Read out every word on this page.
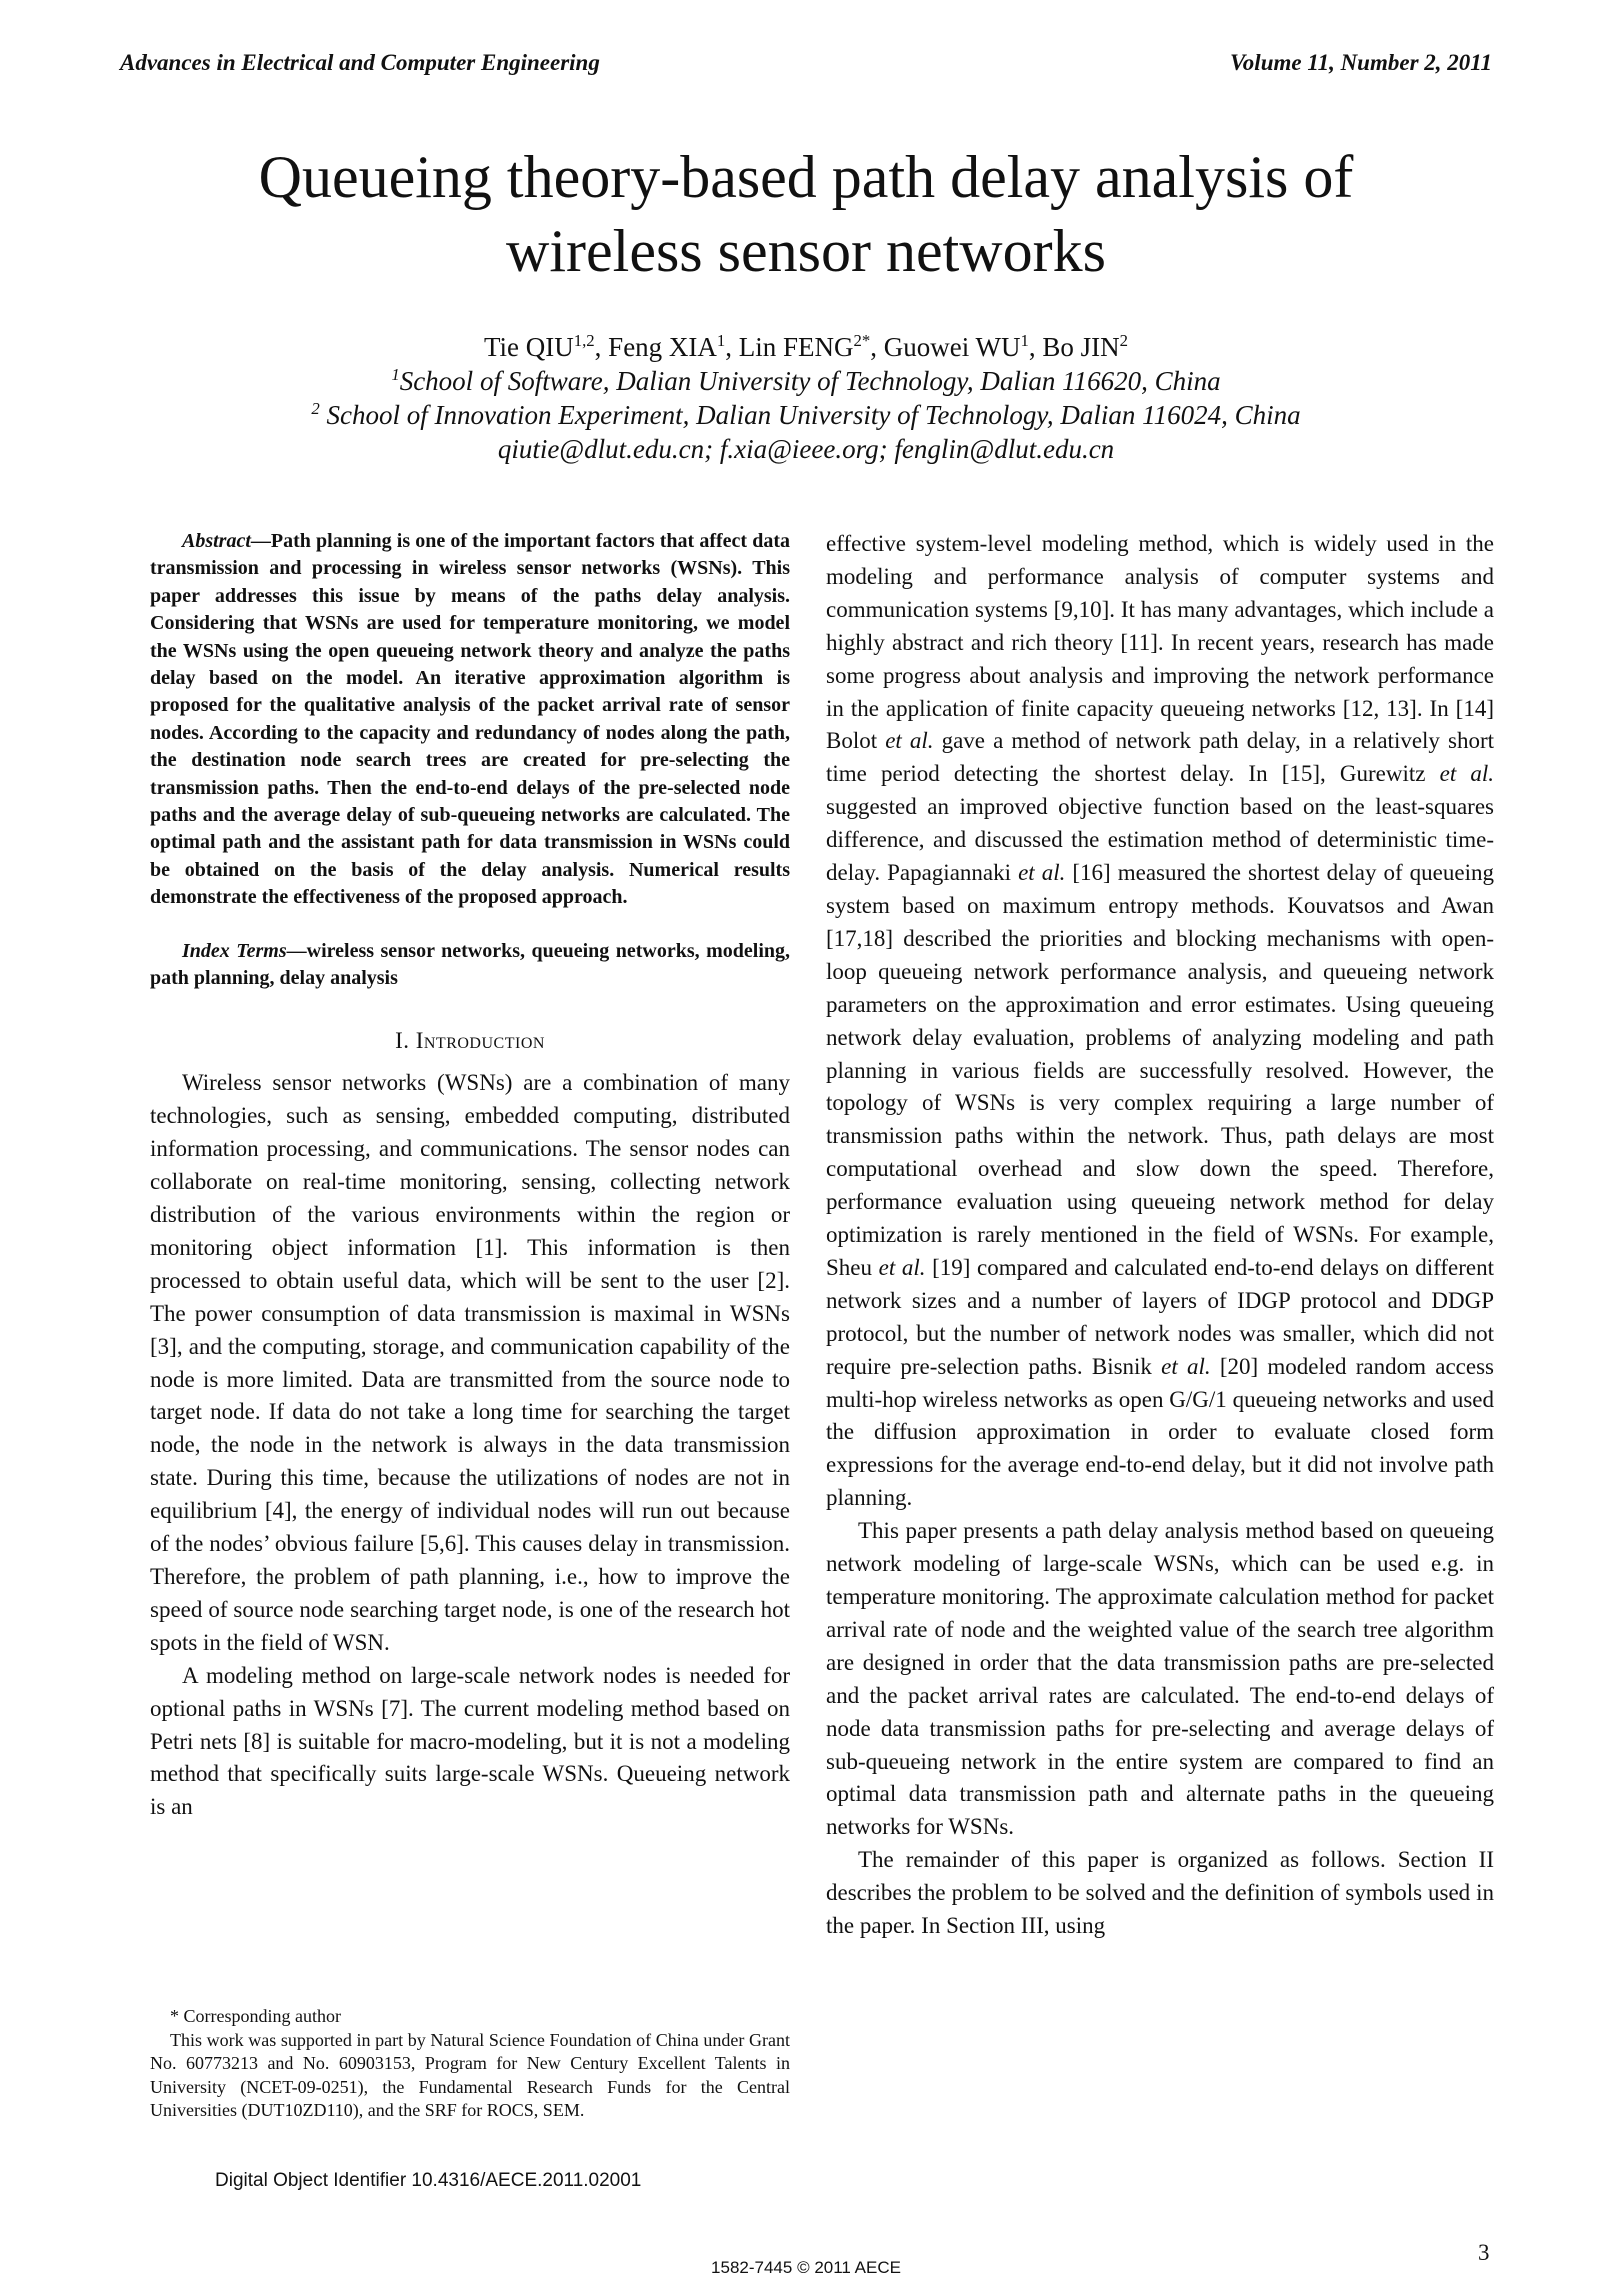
Advances in Electrical and Computer Engineering	Volume 11, Number 2, 2011
Queueing theory-based path delay analysis of
wireless sensor networks
Tie QIU$^{1,2}$, Feng XIA$^1$, Lin $FENG^{2*}$, Guowei $WU^1$, Bo JIN$^2$
$^1$School of Software, Dalian University of Technology, Dalian 116620, China
$^2$ School of Innovation Experiment, Dalian University of Technology, Dalian 116024, China
qiutie@dlut.edu.cn; f.xia@ieee.org; fenglin@dlut.edu.cn
Abstract—Path planning is one of the important factors that affect data transmission and processing in wireless sensor networks (WSNs). This paper addresses this issue by means of the paths delay analysis. Considering that WSNs are used for temperature monitoring, we model the WSNs using the open queueing network theory and analyze the paths delay based on the model. An iterative approximation algorithm is proposed for the qualitative analysis of the packet arrival rate of sensor nodes. According to the capacity and redundancy of nodes along the path, the destination node search trees are created for pre-selecting the transmission paths. Then the end-to-end delays of the pre-selected node paths and the average delay of sub-queueing networks are calculated. The optimal path and the assistant path for data transmission in WSNs could be obtained on the basis of the delay analysis. Numerical results demonstrate the effectiveness of the proposed approach.
Index Terms—wireless sensor networks, queueing networks, modeling, path planning, delay analysis
I. Introduction

Wireless sensor networks (WSNs) are a combination of many technologies, such as sensing, embedded computing, distributed information processing, and communications. The sensor nodes can collaborate on real-time monitoring, sensing, collecting network distribution of the various environments within the region or monitoring object information [1]. This information is then processed to obtain useful data, which will be sent to the user [2]. The power consumption of data transmission is maximal in WSNs [3], and the computing, storage, and communication capability of the node is more limited. Data are transmitted from the source node to target node. If data do not take a long time for searching the target node, the node in the network is always in the data transmission state. During this time, because the utilizations of nodes are not in equilibrium [4], the energy of individual nodes will run out because of the nodes’ obvious failure [5,6]. This causes delay in transmission. Therefore, the problem of path planning, i.e., how to improve the speed of source node searching target node, is one of the research hot spots in the field of WSN.

A modeling method on large-scale network nodes is needed for optional paths in WSNs [7]. The current modeling method based on Petri nets [8] is suitable for macro-modeling, but it is not a modeling method that specifically suits large-scale WSNs. Queueing network is an

effective system-level modeling method, which is widely used in the modeling and performance analysis of computer systems and communication systems [9,10]. It has many advantages, which include a highly abstract and rich theory [11]. In recent years, research has made some progress about analysis and improving the network performance in the application of finite capacity queueing networks [12, 13]. In [14] Bolot et al. gave a method of network path delay, in a relatively short time period detecting the shortest delay. In [15], Gurewitz et al. suggested an improved objective function based on the least-squares difference, and discussed the estimation method of deterministic time-delay. Papagiannaki et al. [16] measured the shortest delay of queueing system based on maximum entropy methods. Kouvatsos and Awan [17,18] described the priorities and blocking mechanisms with open-loop queueing network performance analysis, and queueing network parameters on the approximation and error estimates. Using queueing network delay evaluation, problems of analyzing modeling and path planning in various fields are successfully resolved. However, the topology of WSNs is very complex requiring a large number of transmission paths within the network. Thus, path delays are most computational overhead and slow down the speed. Therefore, performance evaluation using queueing network method for delay optimization is rarely mentioned in the field of WSNs. For example, Sheu et al. [19] compared and calculated end-to-end delays on different network sizes and a number of layers of IDGP protocol and DDGP protocol, but the number of network nodes was smaller, which did not require pre-selection paths. Bisnik et al. [20] modeled random access multi-hop wireless networks as open G/G/1 queueing networks and used the diffusion approximation in order to evaluate closed form expressions for the average end-to-end delay, but it did not involve path planning.

This paper presents a path delay analysis method based on queueing network modeling of large-scale WSNs, which can be used e.g. in temperature monitoring. The approximate calculation method for packet arrival rate of node and the weighted value of the search tree algorithm are designed in order that the data transmission paths are pre-selected and the packet arrival rates are calculated. The end-to-end delays of node data transmission paths for pre-selecting and average delays of sub-queueing network in the entire system are compared to find an optimal data transmission path and alternate paths in the queueing networks for WSNs.

The remainder of this paper is organized as follows. Section II describes the problem to be solved and the definition of symbols used in the paper. In Section III, using

* Corresponding author
This work was supported in part by Natural Science Foundation of China under Grant No. 60773213 and No. 60903153, Program for New Century Excellent Talents in University (NCET-09-0251), the Fundamental Research Funds for the Central Universities (DUT10ZD110), and the SRF for ROCS, SEM.
Digital Object Identifier 10.4316/AECE.2011.02001
3
1582-7445 © 2011 AECE
